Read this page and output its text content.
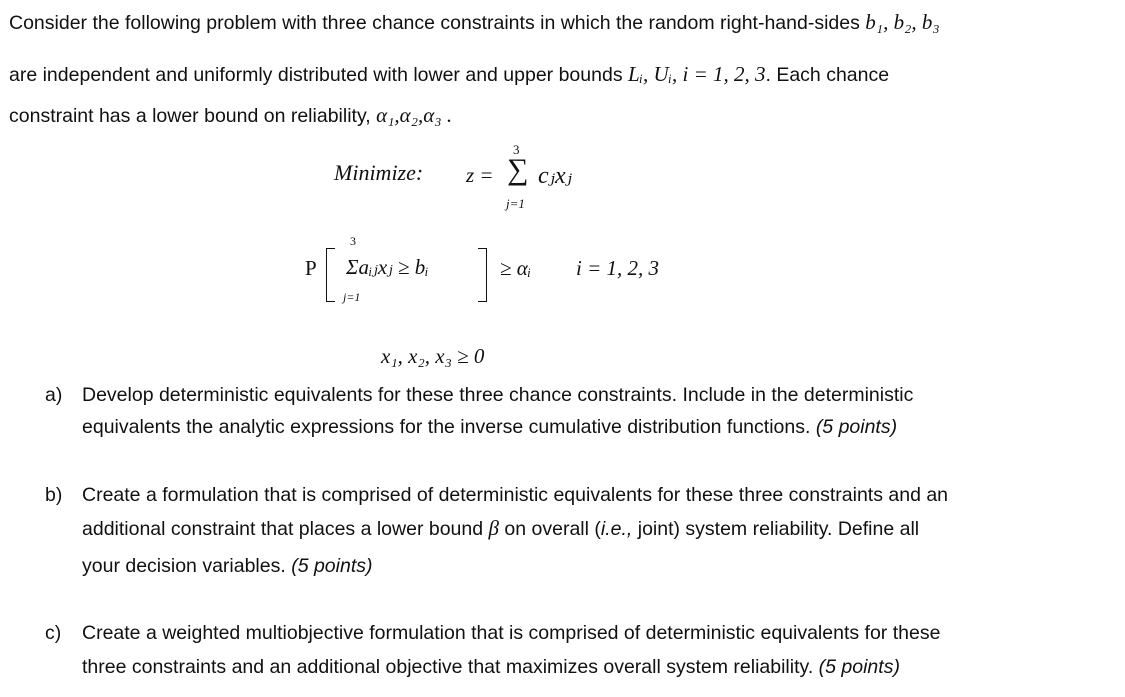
Consider the following problem with three chance constraints in which the random right-hand-sides b₁, b₂, b₃
are independent and uniformly distributed with lower and upper bounds Lᵢ, Uᵢ, i = 1, 2, 3. Each chance
constraint has a lower bound on reliability, α₁,α₂,α₃ .
Minimize: z =
3
∑
j=1
cⱼxⱼ
P
3
Σaᵢⱼxⱼ ≥ bᵢ
j=1
≥ αᵢ i = 1, 2, 3
x₁, x₂, x₃ ≥ 0
a) Develop deterministic equivalents for these three chance constraints. Include in the deterministic
equivalents the analytic expressions for the inverse cumulative distribution functions. (5 points)
b) Create a formulation that is comprised of deterministic equivalents for these three constraints and an
additional constraint that places a lower bound β on overall (i.e., joint) system reliability. Define all
your decision variables. (5 points)
c) Create a weighted multiobjective formulation that is comprised of deterministic equivalents for these
three constraints and an additional objective that maximizes overall system reliability. (5 points)
